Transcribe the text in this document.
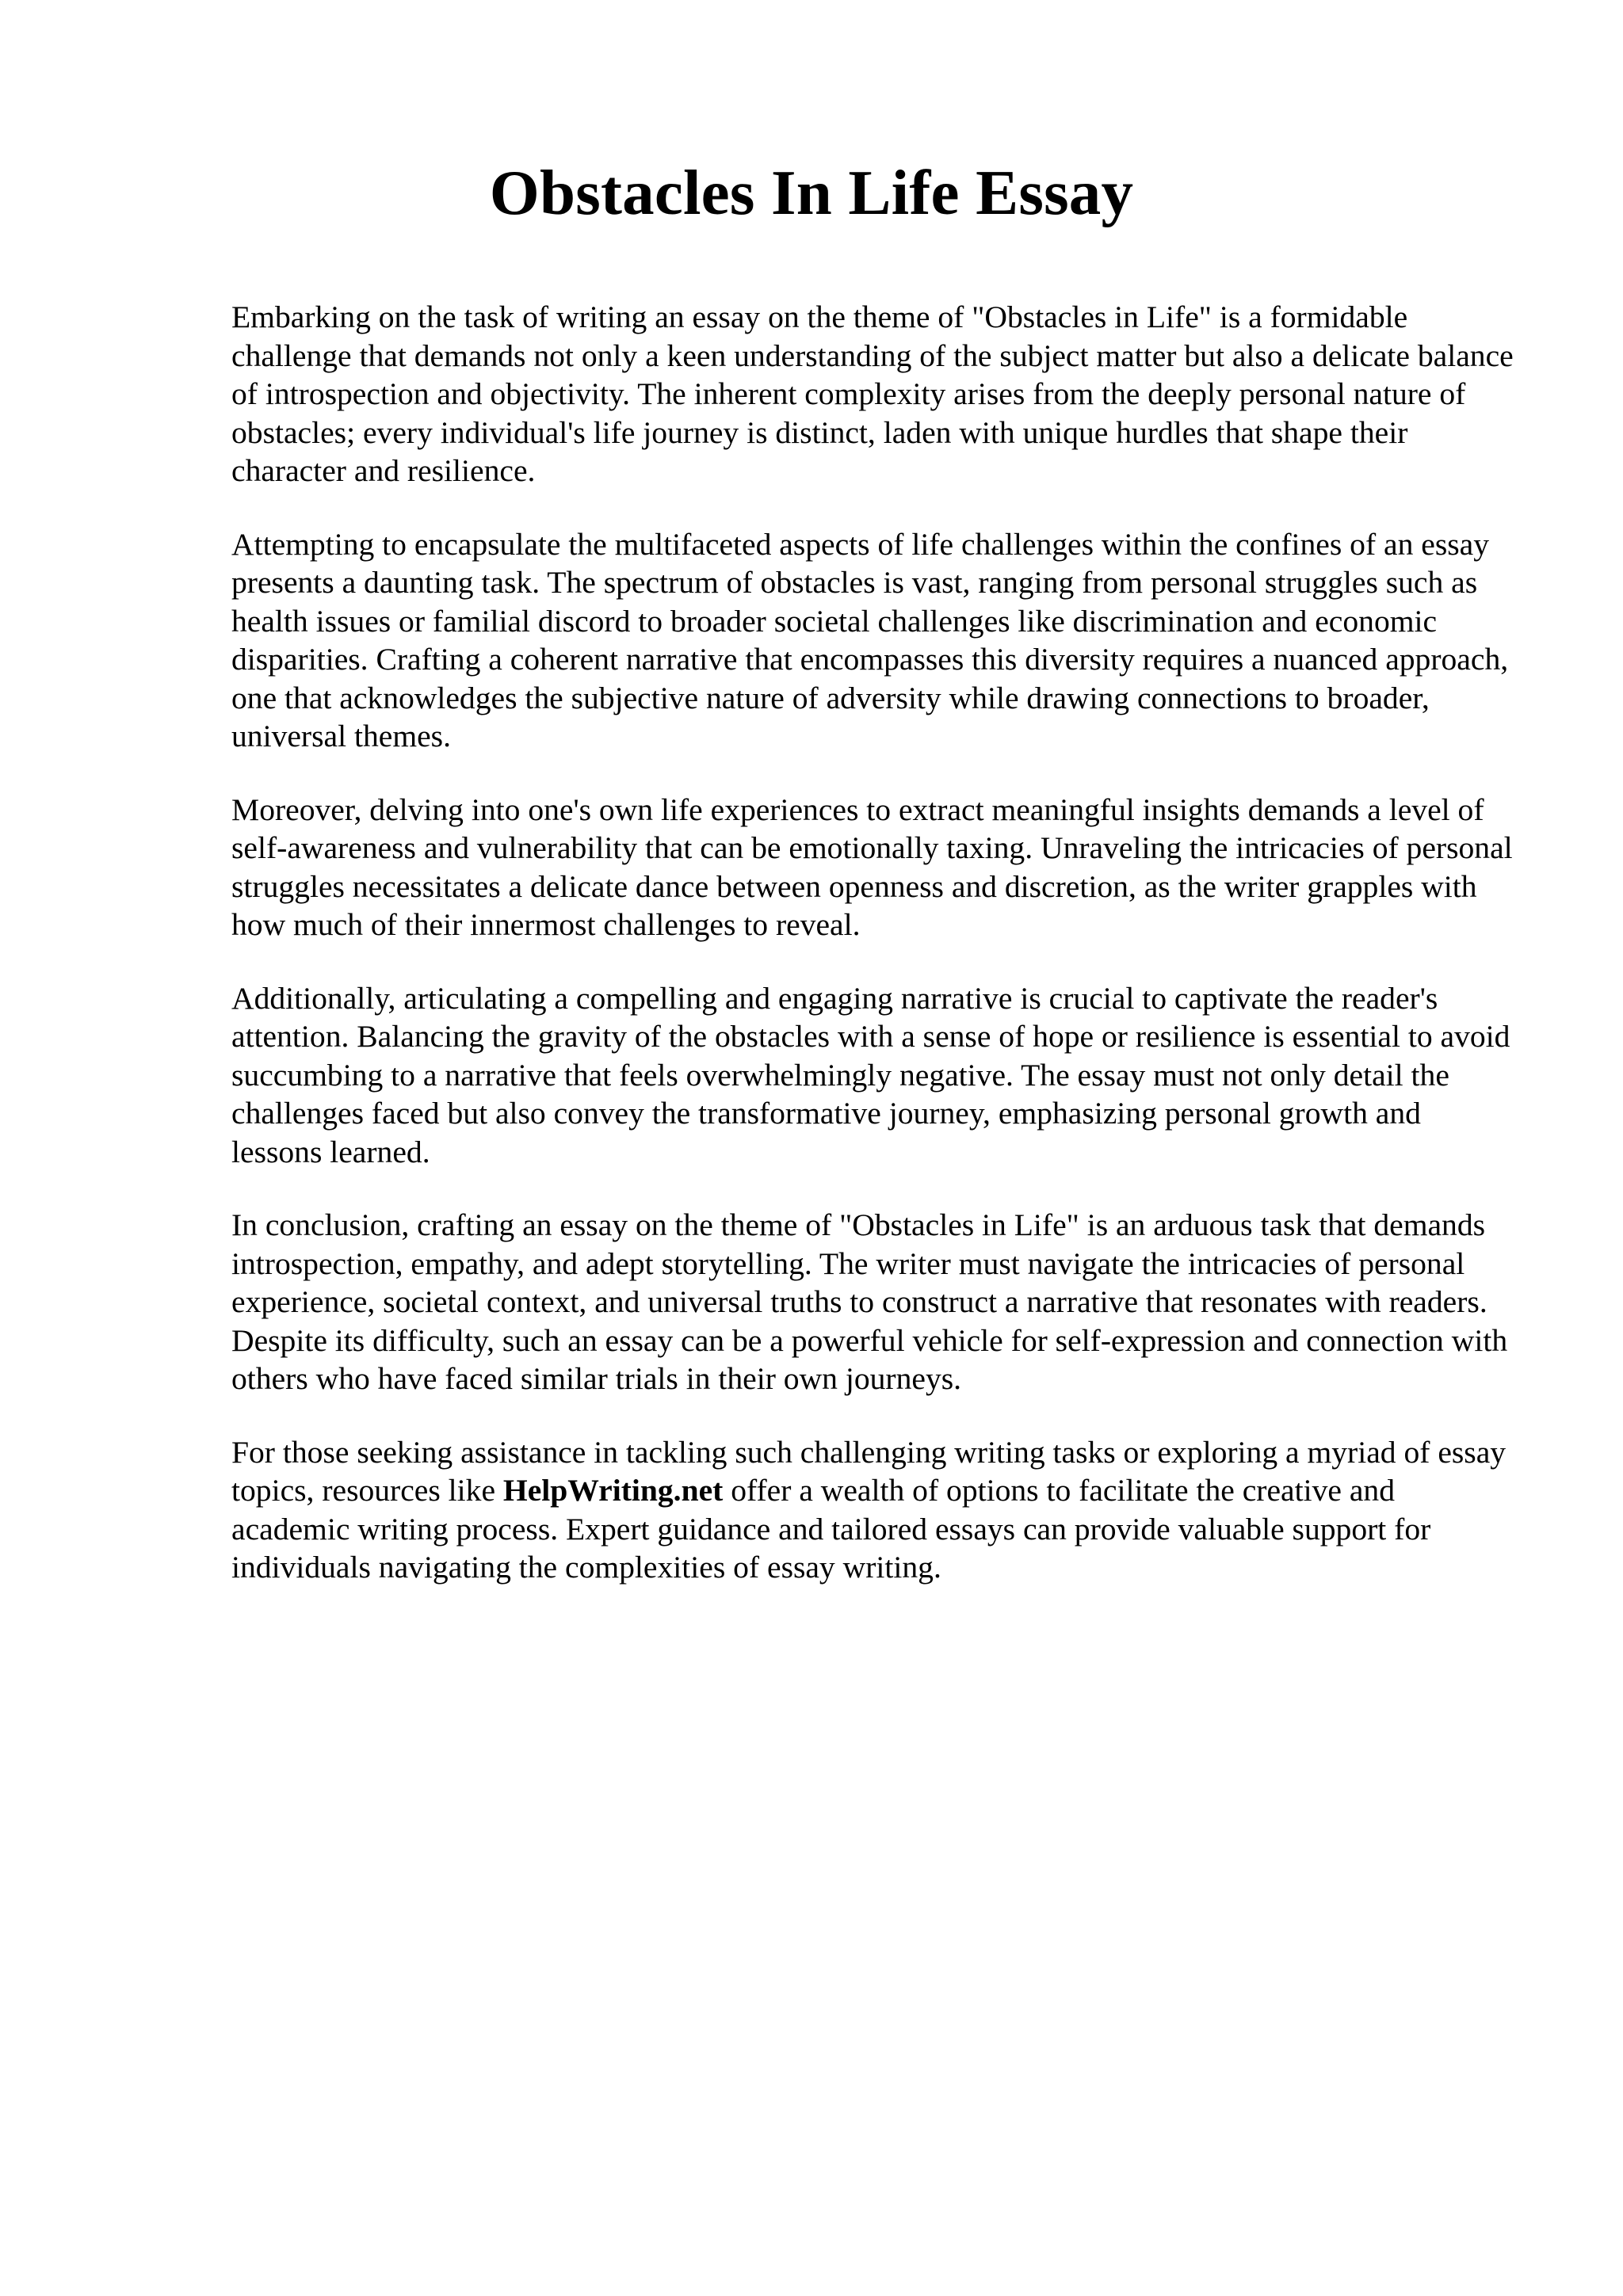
Obstacles In Life Essay

Embarking on the task of writing an essay on the theme of "Obstacles in Life" is a formidable challenge that demands not only a keen understanding of the subject matter but also a delicate balance of introspection and objectivity. The inherent complexity arises from the deeply personal nature of obstacles; every individual's life journey is distinct, laden with unique hurdles that shape their character and resilience.

Attempting to encapsulate the multifaceted aspects of life challenges within the confines of an essay presents a daunting task. The spectrum of obstacles is vast, ranging from personal struggles such as health issues or familial discord to broader societal challenges like discrimination and economic disparities. Crafting a coherent narrative that encompasses this diversity requires a nuanced approach, one that acknowledges the subjective nature of adversity while drawing connections to broader, universal themes.

Moreover, delving into one's own life experiences to extract meaningful insights demands a level of self-awareness and vulnerability that can be emotionally taxing. Unraveling the intricacies of personal struggles necessitates a delicate dance between openness and discretion, as the writer grapples with how much of their innermost challenges to reveal.

Additionally, articulating a compelling and engaging narrative is crucial to captivate the reader's attention. Balancing the gravity of the obstacles with a sense of hope or resilience is essential to avoid succumbing to a narrative that feels overwhelmingly negative. The essay must not only detail the challenges faced but also convey the transformative journey, emphasizing personal growth and lessons learned.

In conclusion, crafting an essay on the theme of "Obstacles in Life" is an arduous task that demands introspection, empathy, and adept storytelling. The writer must navigate the intricacies of personal experience, societal context, and universal truths to construct a narrative that resonates with readers. Despite its difficulty, such an essay can be a powerful vehicle for self-expression and connection with others who have faced similar trials in their own journeys.

For those seeking assistance in tackling such challenging writing tasks or exploring a myriad of essay topics, resources like HelpWriting.net offer a wealth of options to facilitate the creative and academic writing process. Expert guidance and tailored essays can provide valuable support for individuals navigating the complexities of essay writing.
